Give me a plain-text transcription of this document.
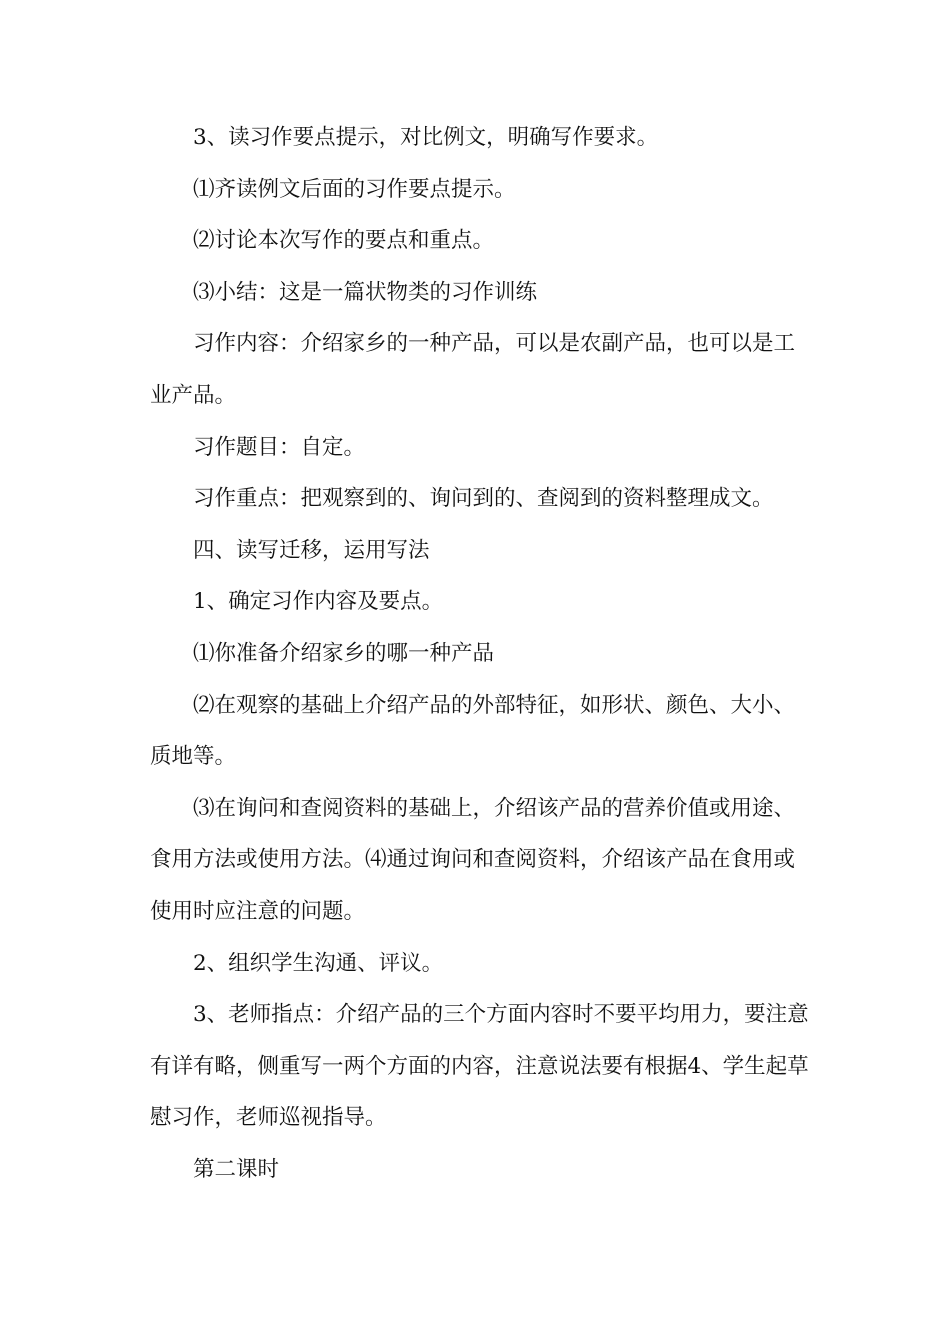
3、读习作要点提示，对比例文，明确写作要求。

⑴齐读例文后面的习作要点提示。

⑵讨论本次写作的要点和重点。

⑶小结：这是一篇状物类的习作训练

习作内容：介绍家乡的一种产品，可以是农副产品，也可以是工业产品。

习作题目：自定。

习作重点：把观察到的、询问到的、查阅到的资料整理成文。

四、读写迁移，运用写法

1、确定习作内容及要点。

⑴你准备介绍家乡的哪一种产品

⑵在观察的基础上介绍产品的外部特征，如形状、颜色、大小、质地等。

⑶在询问和查阅资料的基础上，介绍该产品的营养价值或用途、食用方法或使用方法。⑷通过询问和查阅资料，介绍该产品在食用或使用时应注意的问题。

2、组织学生沟通、评议。

3、老师指点：介绍产品的三个方面内容时不要平均用力，要注意有详有略，侧重写一两个方面的内容，注意说法要有根据4、学生起草慰习作，老师巡视指导。

第二课时
